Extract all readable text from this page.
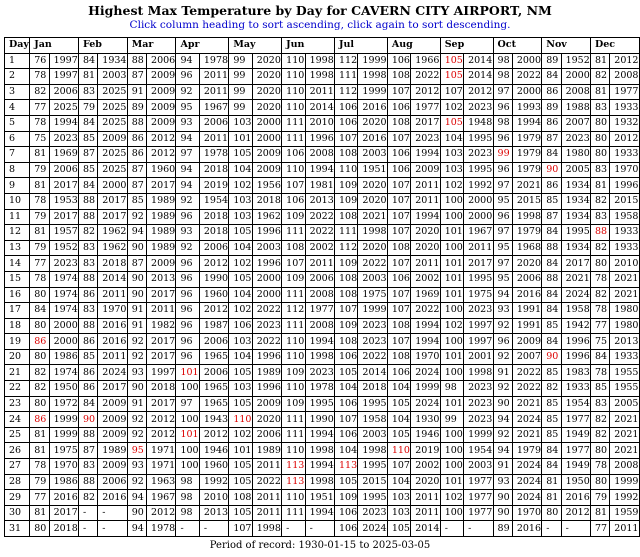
Highest Max Temperature by Day for CAVERN CITY AIRPORT, NM
Click column heading to sort ascending, click again to sort descending.
Day	Jan		Feb		Mar		Apr		May		Jun		Jul		Aug		Sep		Oct		Nov		Dec	
1	76	1997	84	1934	88	2006	94	1978	99	2020	110	1998	112	1999	106	1966	105	2014	98	2000	89	1952	81	2012
2	78	1997	81	2003	87	2009	96	2011	99	2020	110	1998	111	1998	108	2022	105	2014	98	2022	84	2000	82	2008
3	82	2006	83	2025	91	2009	92	2011	99	2020	110	2011	112	1999	107	2012	107	2012	97	2000	86	2008	81	1977
4	77	2025	79	2025	89	2009	95	1967	99	2020	110	2014	106	2016	106	1977	102	2023	96	1993	89	1988	83	1933
5	78	1994	84	2025	88	2009	93	2006	103	2000	111	2010	106	2020	108	2017	105	1948	98	1994	86	2007	80	1932
6	75	2023	85	2009	86	2012	94	2011	101	2000	111	1996	107	2016	107	2023	104	1995	96	1979	87	2023	80	2012
7	81	1969	87	2025	86	2012	97	1978	105	2009	106	2008	108	2003	106	1994	103	2023	99	1979	84	1980	80	1933
8	79	2006	85	2025	87	1960	94	2018	104	2009	110	1994	110	1951	106	2009	103	1995	96	1979	90	2005	83	1970
9	81	2017	84	2000	87	2017	94	2019	102	1956	107	1981	109	2020	107	2011	102	1992	97	2021	86	1934	81	1996
10	78	1953	88	2017	85	1989	92	1954	103	2018	106	2013	109	2020	107	2011	100	2000	95	2015	85	1934	82	2015
11	79	2017	88	2017	92	1989	96	2018	103	1962	109	2022	108	2021	107	1994	100	2000	96	1998	87	1934	83	1958
12	81	1957	82	1962	94	1989	93	2018	105	1996	111	2022	111	1998	107	2020	101	1967	97	1979	84	1995	88	1933
13	79	1952	83	1962	90	1989	92	2006	104	2003	108	2002	112	2020	108	2020	100	2011	95	1968	88	1934	82	1933
14	77	2023	83	2018	87	2009	96	2012	102	1996	107	2011	109	2022	107	2011	101	2017	97	2020	84	2017	80	2010
15	78	1974	88	2014	90	2013	96	1990	105	2000	109	2006	108	2003	106	2002	101	1995	95	2006	88	2021	78	2021
16	80	1974	86	2011	90	2017	96	1960	104	2000	111	2008	108	1975	107	1969	101	1975	94	2016	84	2024	82	2021
17	84	1974	83	1970	91	2011	96	2012	102	2022	112	1977	107	1999	107	2022	100	2023	93	1991	84	1958	78	1980
18	80	2000	88	2016	91	1982	96	1987	106	2023	111	2008	109	2023	108	1994	102	1997	92	1991	85	1942	77	1980
19	86	2000	86	2016	92	2017	96	2006	103	2022	110	1994	108	2023	107	1994	100	1997	96	2009	84	1996	75	2013
20	80	1986	85	2011	92	2017	96	1965	104	1996	110	1998	106	2022	108	1970	101	2001	92	2007	90	1996	84	1933
21	82	1974	86	2024	93	1997	101	2006	105	1989	109	2023	105	2014	106	2024	100	1998	91	2022	85	1983	78	1955
22	82	1950	86	2017	90	2018	100	1965	103	1996	110	1978	104	2018	104	1999	98	2023	92	2022	82	1933	85	1955
23	80	1972	84	2009	91	2017	97	1965	105	2009	109	1995	106	1995	105	2024	101	2023	90	2021	85	1954	83	2005
24	86	1999	90	2009	92	2012	100	1943	110	2020	111	1990	107	1958	104	1930	99	2023	94	2024	85	1977	82	2021
25	81	1999	88	2009	92	2012	101	2012	102	2006	111	1994	106	2003	105	1946	100	1999	92	2021	85	1949	82	2021
26	81	1975	87	1989	95	1971	100	1946	101	1989	110	1998	104	1998	110	2019	100	1954	94	1979	84	1977	80	2021
27	78	1970	83	2009	93	1971	100	1960	105	2011	113	1994	113	1995	107	2002	100	2003	91	2024	84	1949	78	2008
28	79	1986	88	2006	92	1963	98	1992	105	2022	113	1998	105	2015	104	2020	101	1977	93	2024	81	1950	80	1999
29	77	2016	82	2016	94	1967	98	2010	108	2011	110	1951	109	1995	103	2011	102	1977	90	2024	81	2016	79	1992
30	81	2017	-	-	90	2012	98	2013	105	2011	111	1994	106	2023	103	2011	100	1977	90	1970	80	2012	81	1959
31	80	2018	-	-	94	1978	-	-	107	1998	-	-	106	2024	105	2014	-	-	89	2016	-	-	77	2011
Period of record: 1930-01-15 to 2025-03-05
